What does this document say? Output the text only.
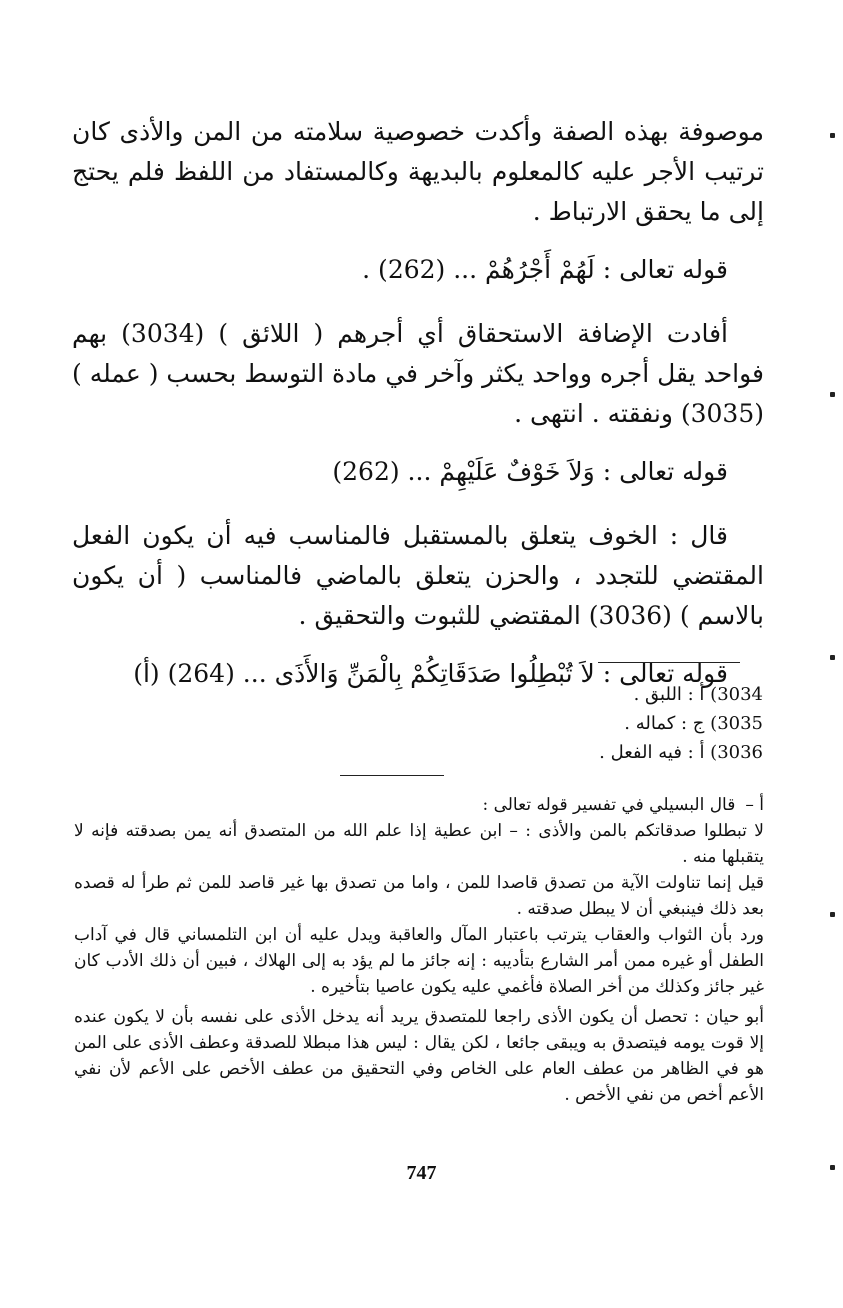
موصوفة بهذه الصفة وأكدت خصوصية سلامته من المن والأذى كان ترتيب الأجر عليه كالمعلوم بالبديهة وكالمستفاد من اللفظ فلم يحتج إلى ما يحقق الارتباط .

قوله تعالى : لَهُمْ أَجْرُهُمْ ... (262) .

أفادت الإضافة الاستحقاق أي أجرهم ( اللائق ) (3034) بهم فواحد يقل أجره وواحد يكثر وآخر في مادة التوسط بحسب ( عمله ) (3035) ونفقته . انتهى .

قوله تعالى : وَلاَ خَوْفٌ عَلَيْهِمْ ... (262)

قال : الخوف يتعلق بالمستقبل فالمناسب فيه أن يكون الفعل المقتضي للتجدد ، والحزن يتعلق بالماضي فالمناسب ( أن يكون بالاسم ) (3036) المقتضي للثبوت والتحقيق .

قوله تعالى : لاَ تُبْطِلُوا صَدَقَاتِكُمْ بِالْمَنِّ وَالأَذَى ... (264) (أ)

3034) أ : اللبق .
3035) ج : كماله .
3036) أ : فيه الفعل .

أ –قال البسيلي في تفسير قوله تعالى :

لا تبطلوا صدقاتكم بالمن والأذى : – ابن عطية إذا علم الله من المتصدق أنه يمن بصدقته فإنه لا يتقبلها منه .

قيل إنما تناولت الآية من تصدق قاصدا للمن ، واما من تصدق بها غير قاصد للمن ثم طرأ له قصده بعد ذلك فينبغي أن لا يبطل صدقته .

ورد بأن الثواب والعقاب يترتب باعتبار المآل والعاقبة ويدل عليه أن ابن التلمساني قال في آداب الطفل أو غيره ممن أمر الشارع بتأديبه : إنه جائز ما لم يؤد به إلى الهلاك ، فبين أن ذلك الأدب كان غير جائز وكذلك من أخر الصلاة فأغمي عليه يكون عاصيا بتأخيره .

أبو حيان : تحصل أن يكون الأذى راجعا للمتصدق يريد أنه يدخل الأذى على نفسه بأن لا يكون عنده إلا قوت يومه فيتصدق به ويبقى جائعا ، لكن يقال : ليس هذا مبطلا للصدقة وعطف الأذى على المن هو في الظاهر من عطف العام على الخاص وفي التحقيق من عطف الأخص على الأعم لأن نفي الأعم أخص من نفي الأخص .

747
